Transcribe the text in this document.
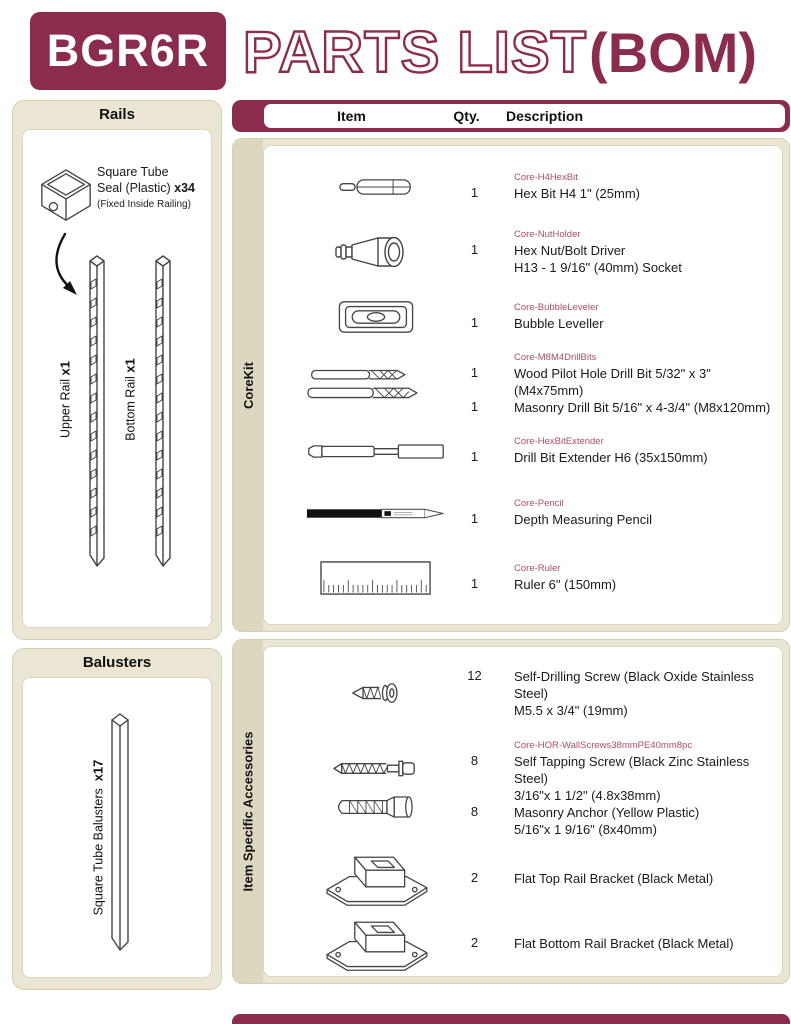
BGR6R PARTS LIST (BOM)
Rails
Square Tube
Seal (Plastic) x34
(Fixed Inside Railing)
Upper Rail x1
Bottom Rail x1
Balusters
Square Tube Balusters  x17
Item	Qty.	Description
CoreKit
Core-H4HexBit
1	Hex Bit H4 1" (25mm)
Core-NutHolder
1	Hex Nut/Bolt Driver
H13 - 1 9/16" (40mm) Socket
Core-BubbleLeveler
1	Bubble Leveller
Core-M8M4DrillBits
1	Wood Pilot Hole Drill Bit 5/32" x 3" (M4x75mm)
1	Masonry Drill Bit 5/16" x 4-3/4" (M8x120mm)
Core-HexBitExtender
1	Drill Bit Extender H6 (35x150mm)
Core-Pencil
1	Depth Measuring Pencil
Core-Ruler
1	Ruler 6" (150mm)
Item Specific Accessories
12	Self-Drilling Screw (Black Oxide Stainless Steel)
M5.5 x 3/4" (19mm)
Core-HOR-WallScrews38mmPE40mm8pc
8	Self Tapping Screw (Black Zinc Stainless Steel)
3/16"x 1 1/2" (4.8x38mm)
8	Masonry Anchor (Yellow Plastic)
5/16"x 1 9/16" (8x40mm)
2	Flat Top Rail Bracket (Black Metal)
2	Flat Bottom Rail Bracket (Black Metal)
